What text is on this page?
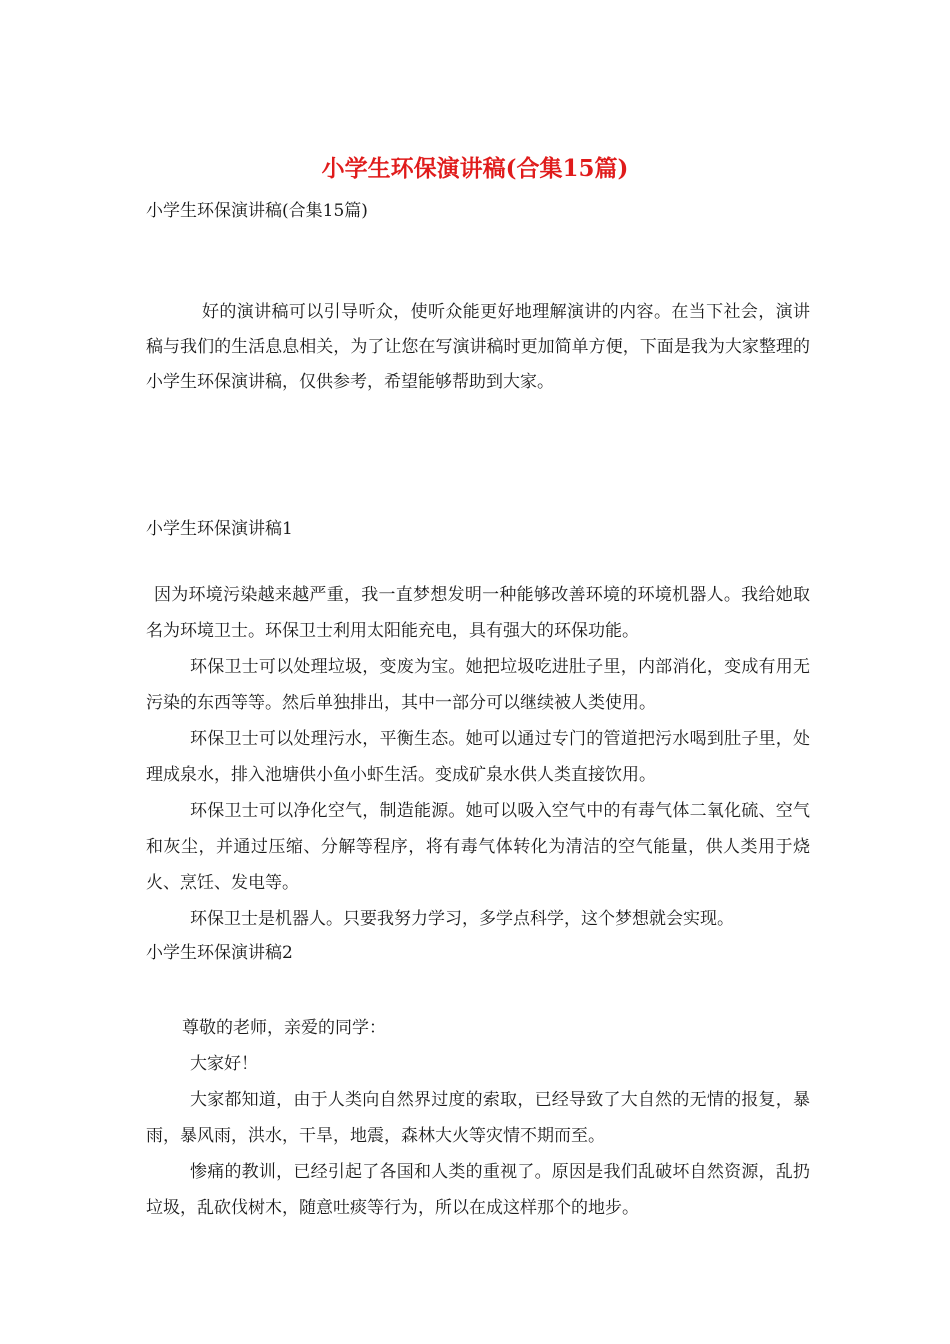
小学生环保演讲稿(合集15篇)
小学生环保演讲稿(合集15篇)

好的演讲稿可以引导听众，使听众能更好地理解演讲的内容。在当下社会，演讲稿与我们的生活息息相关，为了让您在写演讲稿时更加简单方便，下面是我为大家整理的小学生环保演讲稿，仅供参考，希望能够帮助到大家。

小学生环保演讲稿1

因为环境污染越来越严重，我一直梦想发明一种能够改善环境的环境机器人。我给她取名为环境卫士。环保卫士利用太阳能充电，具有强大的环保功能。

环保卫士可以处理垃圾，变废为宝。她把垃圾吃进肚子里，内部消化，变成有用无污染的东西等等。然后单独排出，其中一部分可以继续被人类使用。

环保卫士可以处理污水，平衡生态。她可以通过专门的管道把污水喝到肚子里，处理成泉水，排入池塘供小鱼小虾生活。变成矿泉水供人类直接饮用。

环保卫士可以净化空气，制造能源。她可以吸入空气中的有毒气体二氧化硫、空气和灰尘，并通过压缩、分解等程序，将有毒气体转化为清洁的空气能量，供人类用于烧火、烹饪、发电等。

环保卫士是机器人。只要我努力学习，多学点科学，这个梦想就会实现。

小学生环保演讲稿2

尊敬的老师，亲爱的同学：

大家好！

大家都知道，由于人类向自然界过度的索取，已经导致了大自然的无情的报复，暴雨，暴风雨，洪水，干旱，地震，森林大火等灾情不期而至。

惨痛的教训，已经引起了各国和人类的重视了。原因是我们乱破坏自然资源，乱扔垃圾，乱砍伐树木，随意吐痰等行为，所以在成这样那个的地步。
